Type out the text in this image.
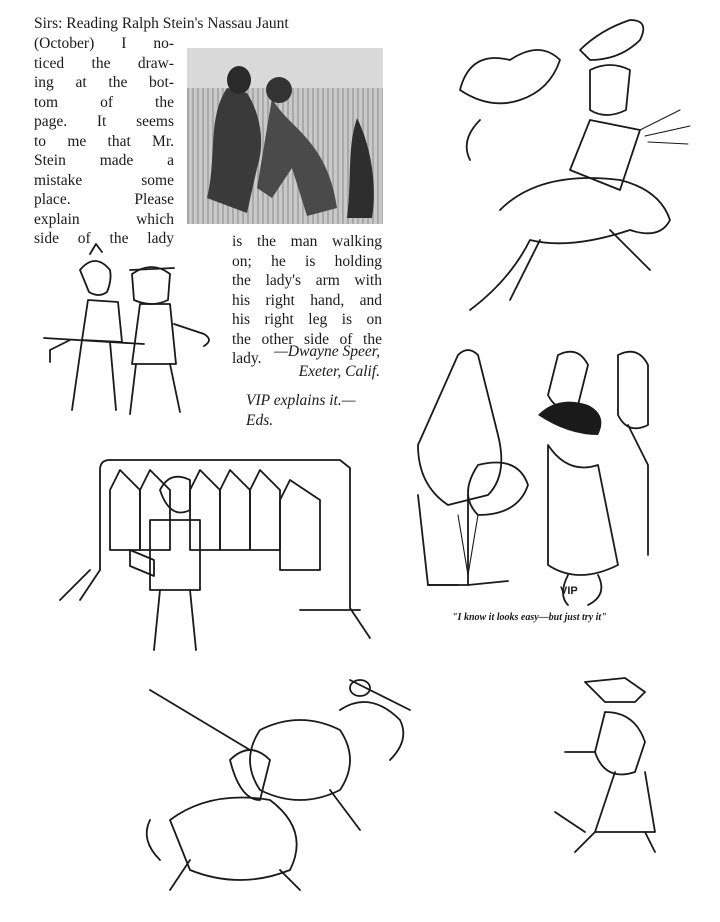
Sirs: Reading Ralph Stein's Nassau Jaunt
(October) I no-
ticed the draw-
ing at the bot-
tom of the
page. It seems
to me that Mr.
Stein made a
mistake some
place. Please
explain which
side of the lady	is the man walking
on; he is holding
the lady's arm with
his right hand, and
his right leg is on
the other side of the
lady. —Dwayne Speer,
Exeter, Calif.
VIP explains it.—
Eds.
"I know it looks easy—but just try it"
VIP
